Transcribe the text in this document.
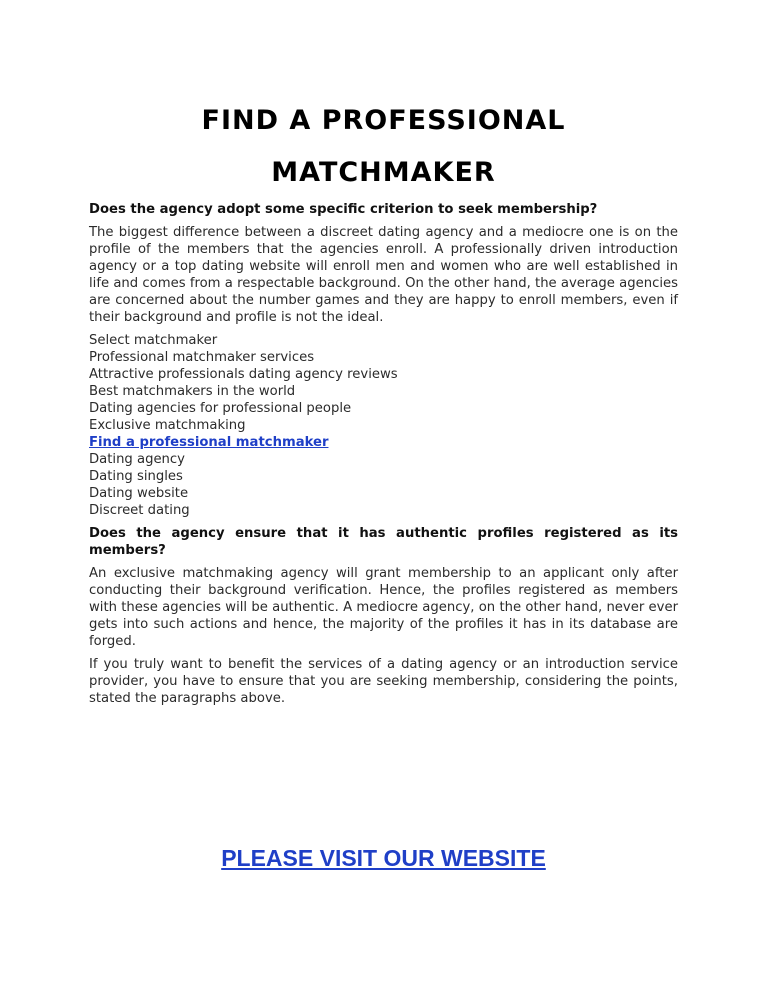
FIND A PROFESSIONAL
MATCHMAKER

Does the agency adopt some specific criterion to seek membership?

The biggest difference between a discreet dating agency and a mediocre one is on the profile of the members that the agencies enroll. A professionally driven introduction agency or a top dating website will enroll men and women who are well established in life and comes from a respectable background. On the other hand, the average agencies are concerned about the number games and they are happy to enroll members, even if their background and profile is not the ideal.

Select matchmaker
Professional matchmaker services
Attractive professionals dating agency reviews
Best matchmakers in the world
Dating agencies for professional people
Exclusive matchmaking
Find a professional matchmaker
Dating agency
Dating singles
Dating website
Discreet dating

Does the agency ensure that it has authentic profiles registered as its members?

An exclusive matchmaking agency will grant membership to an applicant only after conducting their background verification. Hence, the profiles registered as members with these agencies will be authentic. A mediocre agency, on the other hand, never ever gets into such actions and hence, the majority of the profiles it has in its database are forged.

If you truly want to benefit the services of a dating agency or an introduction service provider, you have to ensure that you are seeking membership, considering the points, stated the paragraphs above.

PLEASE VISIT OUR WEBSITE
